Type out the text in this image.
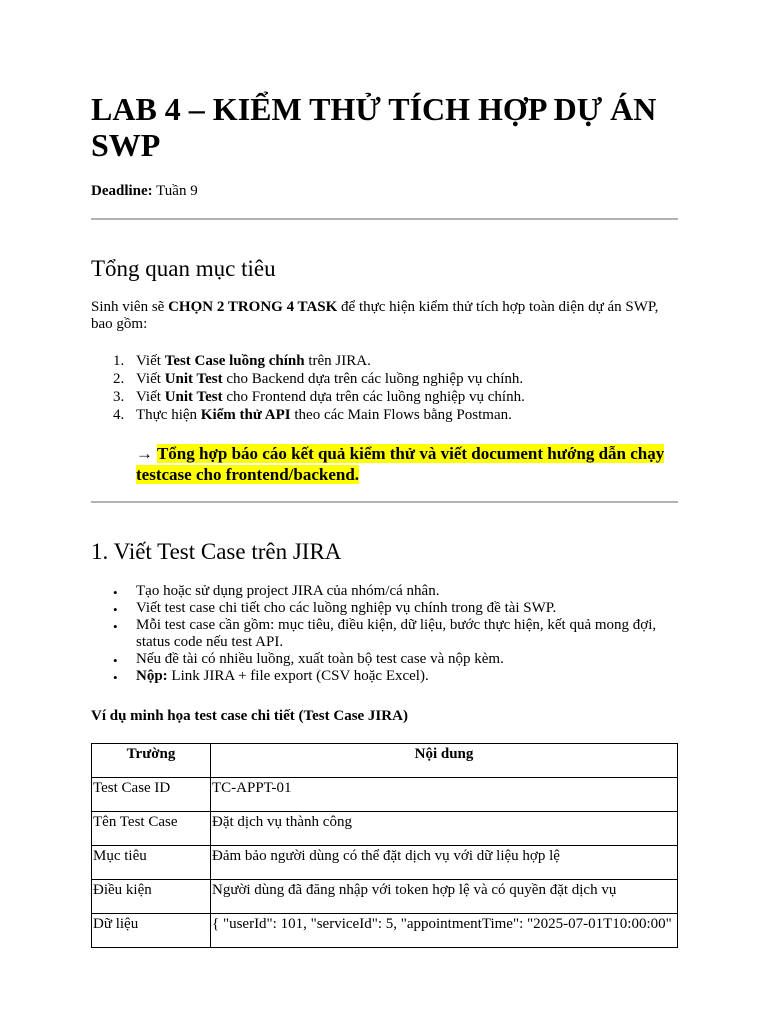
LAB 4 – KIỂM THỬ TÍCH HỢP DỰ ÁN SWP
Deadline: Tuần 9
Tổng quan mục tiêu

Sinh viên sẽ CHỌN 2 TRONG 4 TASK để thực hiện kiểm thử tích hợp toàn diện dự án SWP, bao gồm:

1. Viết Test Case luồng chính trên JIRA.
2. Viết Unit Test cho Backend dựa trên các luồng nghiệp vụ chính.
3. Viết Unit Test cho Frontend dựa trên các luồng nghiệp vụ chính.
4. Thực hiện Kiểm thử API theo các Main Flows bằng Postman.

→ Tổng hợp báo cáo kết quả kiểm thử và viết document hướng dẫn chạy testcase cho frontend/backend.

1. Viết Test Case trên JIRA
• Tạo hoặc sử dụng project JIRA của nhóm/cá nhân.
• Viết test case chi tiết cho các luồng nghiệp vụ chính trong đề tài SWP.
• Mỗi test case cần gồm: mục tiêu, điều kiện, dữ liệu, bước thực hiện, kết quả mong đợi, status code nếu test API.
• Nếu đề tài có nhiều luồng, xuất toàn bộ test case và nộp kèm.
• Nộp: Link JIRA + file export (CSV hoặc Excel).

Ví dụ minh họa test case chi tiết (Test Case JIRA)

Trường	Nội dung
Test Case ID	TC-APPT-01
Tên Test Case	Đặt dịch vụ thành công
Mục tiêu	Đảm bảo người dùng có thể đặt dịch vụ với dữ liệu hợp lệ
Điều kiện	Người dùng đã đăng nhập với token hợp lệ và có quyền đặt dịch vụ
Dữ liệu	{ "userId": 101, "serviceId": 5, "appointmentTime": "2025-07-01T10:00:00"
